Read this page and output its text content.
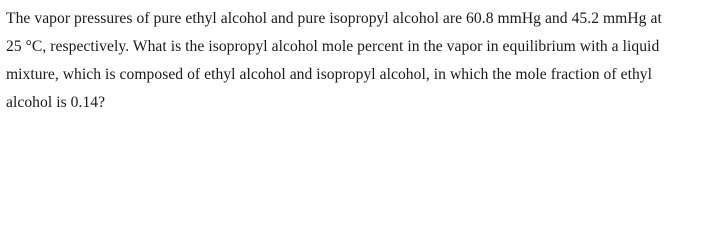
The vapor pressures of pure ethyl alcohol and pure isopropyl alcohol are 60.8 mmHg and 45.2 mmHg at
25 °C, respectively. What is the isopropyl alcohol mole percent in the vapor in equilibrium with a liquid
mixture, which is composed of ethyl alcohol and isopropyl alcohol, in which the mole fraction of ethyl
alcohol is 0.14?
